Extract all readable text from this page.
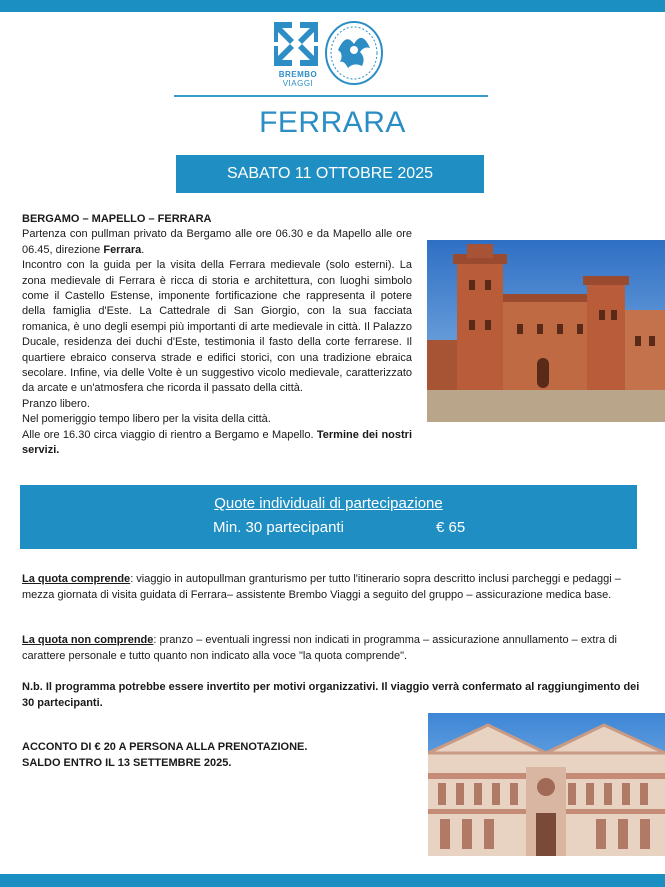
BREMBO
VIAGGI
FERRARA
SABATO 11 OTTOBRE 2025

BERGAMO – MAPELLO – FERRARA

Partenza con pullman privato da Bergamo alle ore 06.30 e da Mapello alle ore 06.45, direzione Ferrara.

Incontro con la guida per la visita della Ferrara medievale (solo esterni). La zona medievale di Ferrara è ricca di storia e architettura, con luoghi simbolo come il Castello Estense, imponente fortificazione che rappresenta il potere della famiglia d'Este. La Cattedrale di San Giorgio, con la sua facciata romanica, è uno degli esempi più importanti di arte medievale in città. Il Palazzo Ducale, residenza dei duchi d'Este, testimonia il fasto della corte ferrarese. Il quartiere ebraico conserva strade e edifici storici, con una tradizione ebraica secolare. Infine, via delle Volte è un suggestivo vicolo medievale, caratterizzato da arcate e un'atmosfera che ricorda il passato della città.

Pranzo libero.

Nel pomeriggio tempo libero per la visita della città.

Alle ore 16.30 circa viaggio di rientro a Bergamo e Mapello. Termine dei nostri servizi.

Quote individuali di partecipazione
Min. 30 partecipanti	€ 65
La quota comprende: viaggio in autopullman granturismo per tutto l'itinerario sopra descritto inclusi parcheggi e pedaggi – mezza giornata di visita guidata di Ferrara– assistente Brembo Viaggi a seguito del gruppo – assicurazione medica base.
La quota non comprende: pranzo – eventuali ingressi non indicati in programma – assicurazione annullamento – extra di carattere personale e tutto quanto non indicato alla voce "la quota comprende".
N.b. Il programma potrebbe essere invertito per motivi organizzativi. Il viaggio verrà confermato al raggiungimento dei 30 partecipanti.
ACCONTO DI € 20 A PERSONA ALLA PRENOTAZIONE.
SALDO ENTRO IL 13 SETTEMBRE 2025.
